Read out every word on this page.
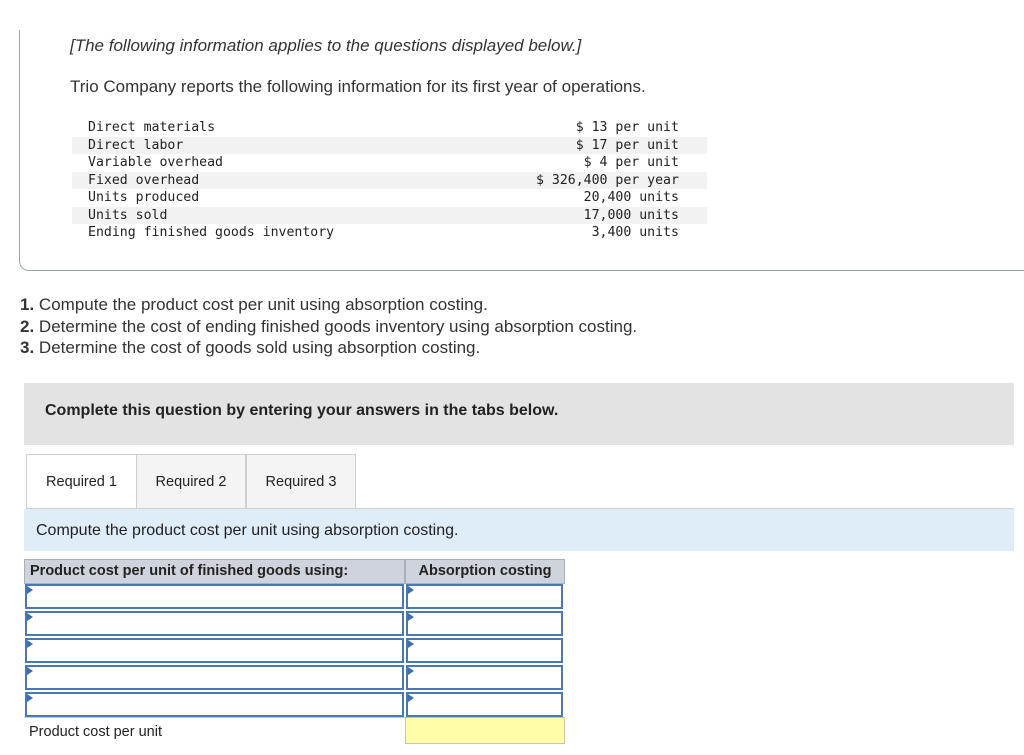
[The following information applies to the questions displayed below.]
Trio Company reports the following information for its first year of operations.
Direct materials	$ 13 per unit
Direct labor	$ 17 per unit
Variable overhead	$ 4 per unit
Fixed overhead	$ 326,400 per year
Units produced	20,400 units
Units sold	17,000 units
Ending finished goods inventory	3,400 units
1. Compute the product cost per unit using absorption costing.
2. Determine the cost of ending finished goods inventory using absorption costing.
3. Determine the cost of goods sold using absorption costing.
Complete this question by entering your answers in the tabs below.
Required 1	Required 2	Required 3
Compute the product cost per unit using absorption costing.
Product cost per unit of finished goods using:	Absorption costing
Product cost per unit
